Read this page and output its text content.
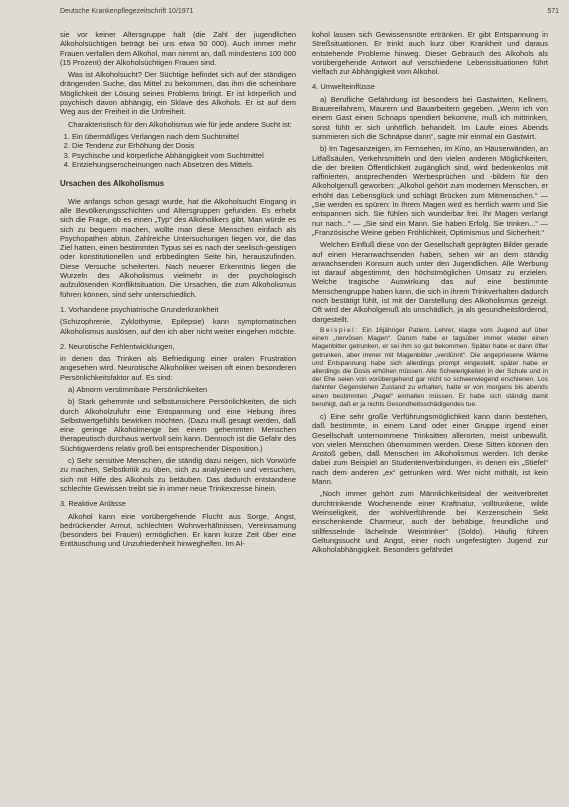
Deutsche Krankenpflegezeitschrift 10/1971	571

sie vor keiner Altersgruppe halt (die Zahl der jugendlichen Alkoholsüchtigen beträgt bei uns etwa 50 000). Auch immer mehr Frauen verfallen dem Alkohol, man nimmt an, daß mindestens 100 000 (15 Prozent) der Alkoholsüchtigen Frauen sind.

Was ist Alkoholsucht? Der Süchtige befindet sich auf der ständigen drängenden Suche, das Mittel zu bekommen, das ihm die scheinbare Möglichkeit der Lösung seines Problems bringt. Er ist körperlich und psychisch davon abhängig, ein Sklave des Alkohols. Er ist auf dem Weg aus der Freiheit in die Unfreiheit.

Charakteristisch für den Alkoholismus wie für jede andere Sucht ist:

1. Ein übermäßiges Verlangen nach dem Suchtmittel
2. Die Tendenz zur Erhöhung der Dosis
3. Psychische und körperliche Abhängigkeit vom Suchtmittel
4. Entziehungserscheinungen nach Absetzen des Mittels.
Ursachen des Alkoholismus

Wie anfangs schon gesagt wurde, hat die Alkoholsucht Eingang in alle Bevölkerungsschichten und Altersgruppen gefunden. Es erhebt sich die Frage, ob es einen „Typ“ des Alkoholikers gibt. Man würde es sich zu bequem machen, wollte man diese Menschen einfach als Psychopathen abtun. Zahlreiche Untersuchungen liegen vor, die das Ziel hatten, einen bestimmten Typus sei es nach der seelisch-geistigen oder konstitutionellen und erbbedingten Seite hin, herauszufinden. Diese Versuche scheiterten. Nach neuerer Erkenntnis liegen die Wurzeln des Alkoholismus vielmehr in der psychologisch aufzulösenden Konfliktsituation. Die Ursachen, die zum Alkoholismus führen können, sind sehr unterschiedlich.

1. Vorhandene psychiatrische Grunderkrankheit

(Schizophrenie, Zyklothymie, Epilepsie) kann symptomatischen Alkoholismus auslösen, auf den ich aber nicht weiter eingehen möchte.

2. Neurotische Fehlentwicklungen,

in denen das Trinken als Befriedigung einer oralen Frustration angesehen wird. Neurotische Alkoholiker weisen oft einen besonderen Persönlichkeitsfaktor auf. Es sind:

a) Abnorm verstimmbare Persönlichkeiten

b) Stark gehemmte und selbstunsichere Persönlichkeiten, die sich durch Alkoholzufuhr eine Entspannung und eine Hebung ihres Selbstwertgefühls bewirken möchten. (Dazu muß gesagt werden, daß eine geringe Alkoholmenge bei einem gehemmten Menschen therapeutisch durchaus wertvoll sein kann. Dennoch ist die Gefahr des Süchtigwerdens relativ groß bei entsprechender Disposition.)

c) Sehr sensitive Menschen, die ständig dazu neigen, sich Vorwürfe zu machen, Selbstkritik zu üben, sich zu analysieren und versuchen, sich mit Hilfe des Alkohols zu betäuben. Das dadurch entstandene schlechte Gewissen treibt sie in immer neue Trinkexzesse hinein.

3. Reaktive Anlässe

Alkohol kann eine vorübergehende Flucht aus Sorge, Angst, bedrückender Armut, schlechten Wohnverhältnissen, Vereinsamung (besonders bei Frauen) ermöglichen. Er kann kurze Zeit über eine Enttäuschung und Unzufriedenheit hinweghelfen. Im Al-

kohol lassen sich Gewissensnöte ertränken. Er gibt Entspannung in Streßsituationen. Er trinkt auch kurz über Krankheit und daraus entstehende Probleme hinweg. Dieser Gebrauch des Alkohols als vorübergehende Antwort auf verschiedene Lebenssituationen führt vielfach zur Abhängigkeit vom Alkohol.

4. Umwelteinflüsse

a) Berufliche Gefährdung ist besonders bei Gastwirten, Kellnern, Brauereifahrern, Maurern und Bauarbeitern gegeben. „Wenn ich von einem Gast einen Schnaps spendiert bekomme, muß ich mittrinken, sonst fühlt er sich unhöflich behandelt. Im Laufe eines Abends summieren sich die Schnäpse dann“, sagte mir einmal ein Gastwirt.

b) Im Tagesanzeigen, im Fernsehen, im Kino, an Häuserwänden, an Litfaßsäulen, Verkehrsmitteln und den vielen anderen Möglichkeiten, die der breiten Öffentlichkeit zugänglich sind, wird bedenkenlos mit raffinierten, ansprechenden Werbesprüchen und -bildern für den Alkoholgenuß geworben: „Alkohol gehört zum modernen Menschen, er erhöht das Lebensglück und schlägt Brücken zum Mitmenschen.“ — „Sie werden es spüren: In Ihrem Magen wird es herrlich warm und Sie entspannen sich. Sie fühlen sich wunderbar frei. Ihr Magen verlangt nur nach...“ — „Sie sind ein Mann. Sie haben Erfolg. Sie trinken...“ — „Französische Weine geben Fröhlichkeit, Optimismus und Sicherheit.“

Welchen Einfluß diese von der Gesellschaft geprägten Bilder gerade auf einen Heranwachsenden haben, sehen wir an dem ständig anwachsenden Konsum auch unter den Jugendlichen. Alle Werbung ist darauf abgestimmt, den höchstmöglichen Umsatz zu erzielen. Welche tragische Auswirkung das auf eine bestimmte Menschengruppe haben kann, die sich in ihrem Trinkverhalten dadurch noch bestätigt fühlt, ist mit der Darstellung des Alkoholismus gezeigt. Oft wird der Alkoholgenuß als unschädlich, ja als gesundheitsfördernd, dargestellt.

Beispiel: Ein 16jähriger Patient, Lehrer, klagte vom Jugend auf über einen „nervösen Magen“. Darum habe er tagsüber immer wieder einen Magenbitter getrunken, er sei ihm so gut bekommen. Später habe er dann öfter getrunken, aber immer mit Magenbitter „verdünnt“. Die angepriesene Wärme und Entspannung habe sich allerdings prompt eingestellt, später habe er allerdings die Dosis erhöhen müssen. Alle Schwierigkeiten in der Schule und in der Ehe seien von vorübergehend gar nicht so schwerwiegend erschienen. Los dahinter Gegenstehen Zustand zu erhalten, hatte er von morgens bis abends einen bestimmten „Pegel“ einhalten müssen. Er habe sich ständig damit beruhigt, daß er ja nichts Gesundheitsschädigendes tue.

c) Eine sehr große Verführungsmöglichkeit kann darin bestehen, daß bestimmte, in einem Land oder einer Gruppe irgend einer Gesellschaft unternommene Trinksitten allerorten, meist unbewußt, von vielen Menschen übernommen werden. Diese Sitten können den Anstoß geben, daß Menschen im Alkoholismus werden. Ich denke dabei zum Beispiel an Studentenverbindungen, in denen ein „Stiefel“ nach dem anderen „ex“ getrunken wird. Wer nicht mithält, ist kein Mann.

„Noch immer gehört zum Männlichkeitsideal der weitverbreitet durchtrinkende Wochenende einer Kraftnatur, volltrunkene, wilde Weinseligkeit, der wohlverführende bei Kerzenschein Sekt einschenkende Charmeur, auch der behäbige, freundliche und stillfesselnde lächelnde Weintrinker“ (Soldo). Häufig führen Geltungssucht und Angst, einer noch ungefestigten Jugend zur Alkoholabhängigkeit. Besonders gefährdet
